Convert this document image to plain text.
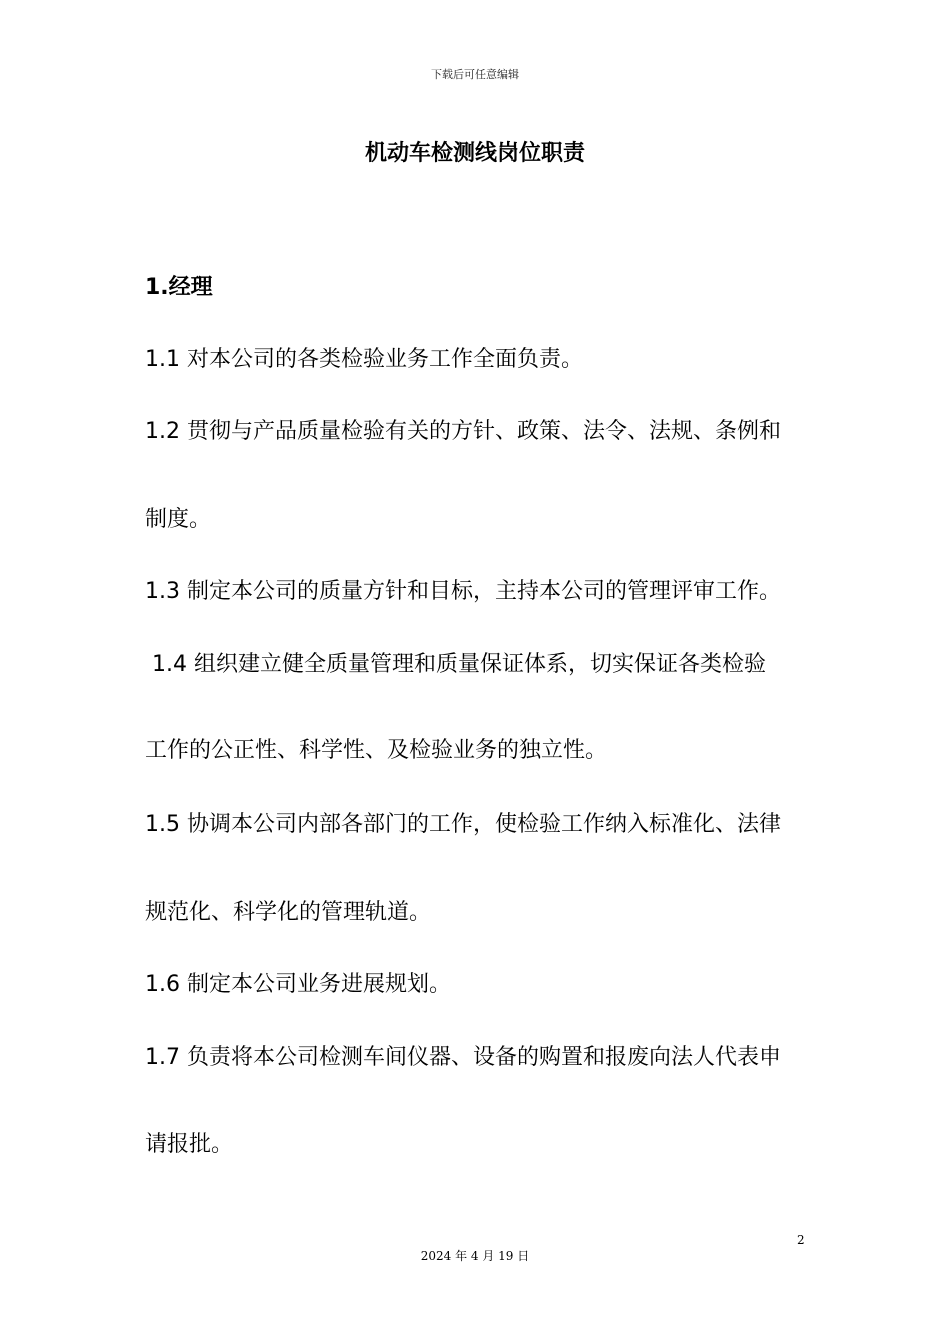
下载后可任意编辑
机动车检测线岗位职责
1.经理
1.1 对本公司的各类检验业务工作全面负责。
1.2 贯彻与产品质量检验有关的方针、政策、法令、法规、条例和
制度。
1.3 制定本公司的质量方针和目标，主持本公司的管理评审工作。
1.4 组织建立健全质量管理和质量保证体系，切实保证各类检验
工作的公正性、科学性、及检验业务的独立性。
1.5 协调本公司内部各部门的工作，使检验工作纳入标准化、法律
规范化、科学化的管理轨道。
1.6 制定本公司业务进展规划。
1.7 负责将本公司检测车间仪器、设备的购置和报废向法人代表申
请报批。
2
2024 年 4 月 19 日
